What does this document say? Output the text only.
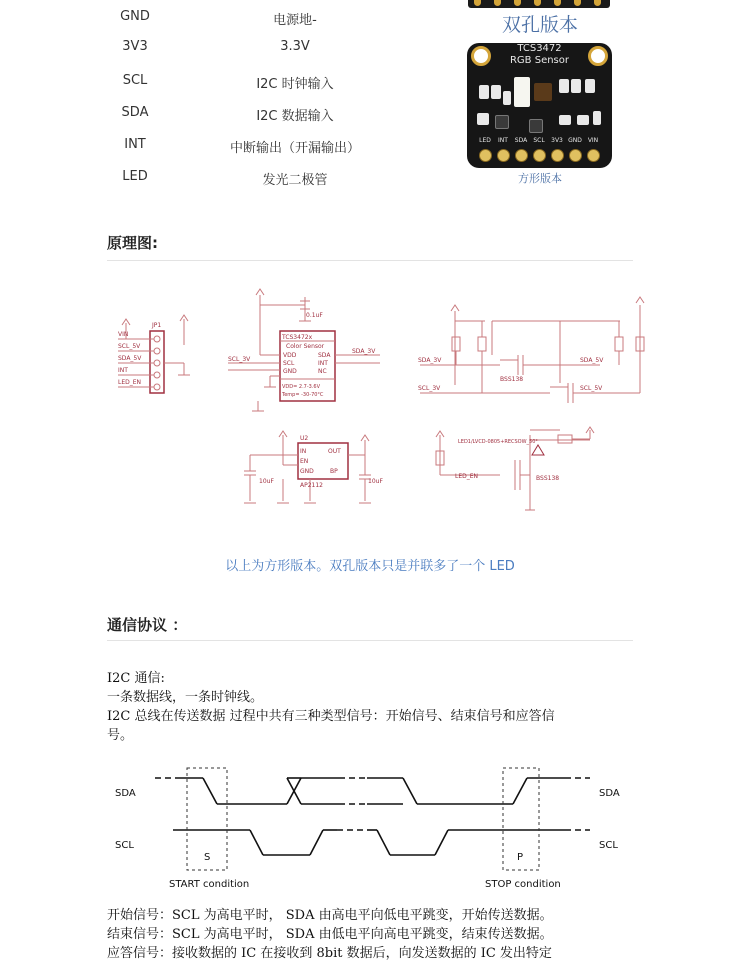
GND	电源地-
3V3	3.3V
SCL	I2C 时钟输入
SDA	I2C 数据输入
INT	中断输出（开漏输出）
LED	发光二极管
双孔版本
TCS3472
RGB Sensor
LED	INT	SDA	SCL	3V3 GND VIN
方形版本
原理图:
JP1
VIN
SCL_5V
SDA_5V
INT
LED_EN
TCS3472x
Color Sensor
VDD
SCL
GND
SDA
INT
NC
VDD= 2.7-3.6V
Temp= -30-70°C
SCL_3V
SDA_3V
0.1uF
SDA_3V
SCL_3V
SDA_5V
SCL_5V
BSS138
IN	OUT
EN
GND	BP
AP2112
U2
10uF	10uF
LED_EN
LED1/LVCD-0805+RECSOW_50°
BSS138
以上为方形版本。双孔版本只是并联多了一个 LED
通信协议 ：
I2C 通信:
一条数据线，一条时钟线。
I2C 总线在传送数据 过程中共有三种类型信号：开始信号、结束信号和应答信
号。
SDA	SDA
SCL	SCL
S	P
START condition	STOP condition
开始信号：SCL 为高电平时， SDA 由高电平向低电平跳变，开始传送数据。
结束信号：SCL 为高电平时， SDA 由低电平向高电平跳变，结束传送数据。
应答信号：接收数据的 IC 在接收到 8bit 数据后，向发送数据的 IC 发出特定
